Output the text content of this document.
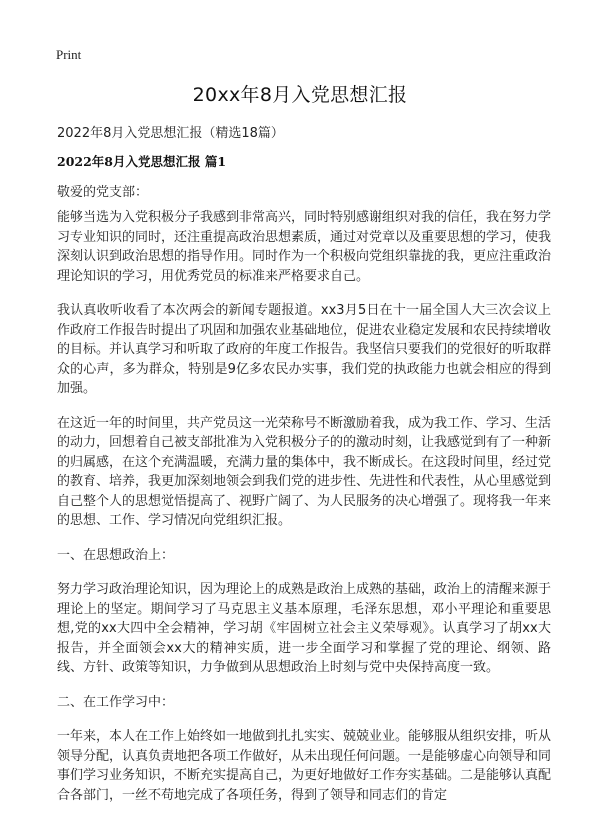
Print
20xx年8月入党思想汇报
2022年8月入党思想汇报（精选18篇）
2022年8月入党思想汇报 篇1
敬爱的党支部：

能够当选为入党积极分子我感到非常高兴，同时特别感谢组织对我的信任，我在努力学习专业知识的同时，还注重提高政治思想素质，通过对党章以及重要思想的学习，使我深刻认识到政治思想的指导作用。同时作为一个积极向党组织靠拢的我，更应注重政治理论知识的学习，用优秀党员的标准来严格要求自己。

我认真收听收看了本次两会的新闻专题报道。xx3月5日在十一届全国人大三次会议上作政府工作报告时提出了巩固和加强农业基础地位，促进农业稳定发展和农民持续增收的目标。并认真学习和听取了政府的年度工作报告。我坚信只要我们的党很好的听取群众的心声，多为群众，特别是9亿多农民办实事，我们党的执政能力也就会相应的得到加强。

在这近一年的时间里，共产党员这一光荣称号不断激励着我，成为我工作、学习、生活的动力，回想着自己被支部批准为入党积极分子的的激动时刻，让我感觉到有了一种新的归属感，在这个充满温暖，充满力量的集体中，我不断成长。在这段时间里，经过党的教育、培养，我更加深刻地领会到我们党的进步性、先进性和代表性，从心里感觉到自己整个人的思想觉悟提高了、视野广阔了、为人民服务的决心增强了。现将我一年来的思想、工作、学习情况向党组织汇报。

一、在思想政治上：

努力学习政治理论知识，因为理论上的成熟是政治上成熟的基础，政治上的清醒来源于理论上的坚定。期间学习了马克思主义基本原理，毛泽东思想，邓小平理论和重要思想,党的xx大四中全会精神，学习胡《牢固树立社会主义荣辱观》。认真学习了胡xx大报告，并全面领会xx大的精神实质，进一步全面学习和掌握了党的理论、纲领、路线、方针、政策等知识，力争做到从思想政治上时刻与党中央保持高度一致。

二、在工作学习中：

一年来，本人在工作上始终如一地做到扎扎实实、兢兢业业。能够服从组织安排，听从领导分配，认真负责地把各项工作做好，从未出现任何问题。一是能够虚心向领导和同事们学习业务知识，不断充实提高自己，为更好地做好工作夯实基础。二是能够认真配合各部门，一丝不苟地完成了各项任务，得到了领导和同志们的肯定
